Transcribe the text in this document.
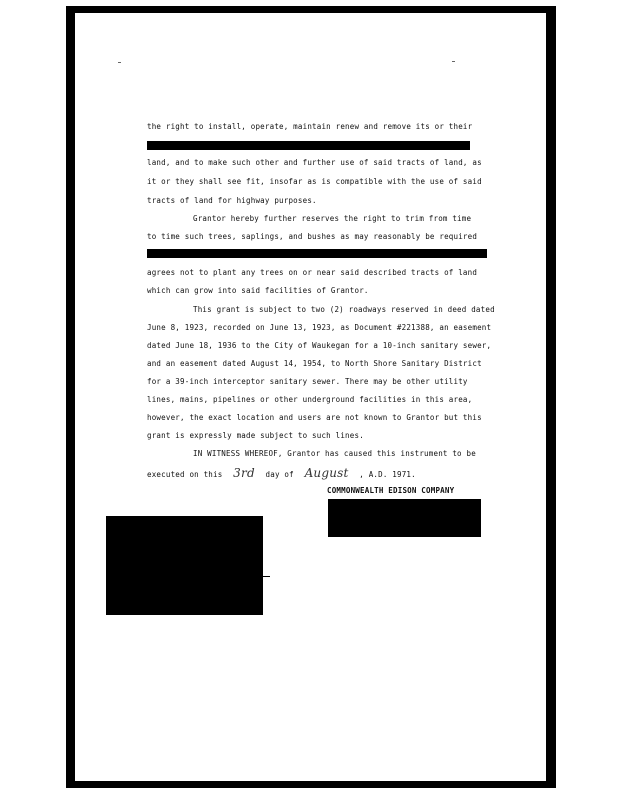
the right to install, operate, maintain renew and remove its or their
land, and to make such other and further use of said tracts of land, as
it or they shall see fit, insofar as is compatible with the use of said
tracts of land for highway purposes.
Grantor hereby further reserves the right to trim from time
to time such trees, saplings, and bushes as may reasonably be required
agrees not to plant any trees on or near said described tracts of land
which can grow into said facilities of Grantor.
This grant is subject to two (2) roadways reserved in deed dated
June 8, 1923, recorded on June 13, 1923, as Document #221388, an easement
dated June 18, 1936 to the City of Waukegan for a 10-inch sanitary sewer,
and an easement dated August 14, 1954, to North Shore Sanitary District
for a 39-inch interceptor sanitary sewer. There may be other utility
lines, mains, pipelines or other underground facilities in this area,
however, the exact location and users are not known to Grantor but this
grant is expressly made subject to such lines.
IN WITNESS WHEREOF, Grantor has caused this instrument to be
executed on this 3rd day of August , A.D. 1971.
COMMONWEALTH EDISON COMPANY
